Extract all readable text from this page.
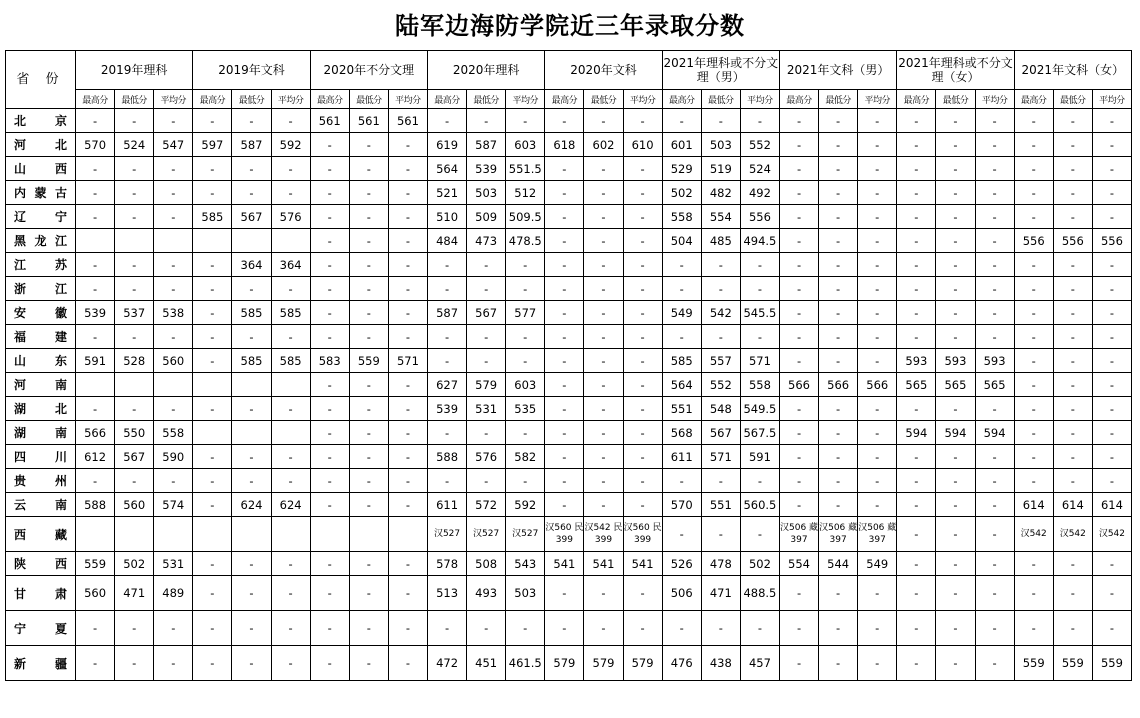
陆军边海防学院近三年录取分数
省 份	2019年理科			2019年文科			2020年不分文理			2020年理科			2020年文科			2021年理科或不分文理（男）			2021年文科（男）			2021年理科或不分文理（女）			2021年文科（女）		
	最高分	最低分	平均分	最高分	最低分	平均分	最高分	最低分	平均分	最高分	最低分	平均分	最高分	最低分	平均分	最高分	最低分	平均分	最高分	最低分	平均分	最高分	最低分	平均分	最高分	最低分	平均分
北 京	-	-	-	-	-	-	561	561	561	-	-	-	-	-	-	-	-	-	-	-	-	-	-	-	-	-	-
河 北	570	524	547	597	587	592	-	-	-	619	587	603	618	602	610	601	503	552	-	-	-	-	-	-	-	-	-
山 西	-	-	-	-	-	-	-	-	-	564	539	551.5	-	-	-	529	519	524	-	-	-	-	-	-	-	-	-
内蒙古	-	-	-	-	-	-	-	-	-	521	503	512	-	-	-	502	482	492	-	-	-	-	-	-	-	-	-
辽 宁	-	-	-	585	567	576	-	-	-	510	509	509.5	-	-	-	558	554	556	-	-	-	-	-	-	-	-	-
黑龙江							-	-	-	484	473	478.5	-	-	-	504	485	494.5	-	-	-	-	-	-	556	556	556
江 苏	-	-	-	-	364	364	-	-	-	-	-	-	-	-	-	-	-	-	-	-	-	-	-	-	-	-	-
浙 江	-	-	-	-	-	-	-	-	-	-	-	-	-	-	-	-	-	-	-	-	-	-	-	-	-	-	-
安 徽	539	537	538	-	585	585	-	-	-	587	567	577	-	-	-	549	542	545.5	-	-	-	-	-	-	-	-	-
福 建	-	-	-	-	-	-	-	-	-	-	-	-	-	-	-	-	-	-	-	-	-	-	-	-	-	-	-
山 东	591	528	560	-	585	585	583	559	571	-	-	-	-	-	-	585	557	571	-	-	-	593	593	593	-	-	-
河 南							-	-	-	627	579	603	-	-	-	564	552	558	566	566	566	565	565	565	-	-	-
湖 北	-	-	-	-	-	-	-	-	-	539	531	535	-	-	-	551	548	549.5	-	-	-	-	-	-	-	-	-
湖 南	566	550	558				-	-	-	-	-	-	-	-	-	568	567	567.5	-	-	-	594	594	594	-	-	-
四 川	612	567	590	-	-	-	-	-	-	588	576	582	-	-	-	611	571	591	-	-	-	-	-	-	-	-	-
贵 州	-	-	-	-	-	-	-	-	-	-	-	-	-	-	-	-	-	-	-	-	-	-	-	-	-	-	-
云 南	588	560	574	-	624	624	-	-	-	611	572	592	-	-	-	570	551	560.5	-	-	-	-	-	-	614	614	614
西 藏										汉527	汉527	汉527	汉560 民399	汉542 民399	汉560 民399	-	-	-	汉506 藏397	汉506 藏397	汉506 藏397	-	-	-	汉542	汉542	汉542
陕 西	559	502	531	-	-	-	-	-	-	578	508	543	541	541	541	526	478	502	554	544	549	-	-	-	-	-	-
甘 肃	560	471	489	-	-	-	-	-	-	513	493	503	-	-	-	506	471	488.5	-	-	-	-	-	-	-	-	-
宁 夏	-	-	-	-	-	-	-	-	-	-	-	-	-	-	-	-	-	-	-	-	-	-	-	-	-	-	-
新 疆	-	-	-	-	-	-	-	-	-	472	451	461.5	579	579	579	476	438	457	-	-	-	-	-	-	559	559	559
